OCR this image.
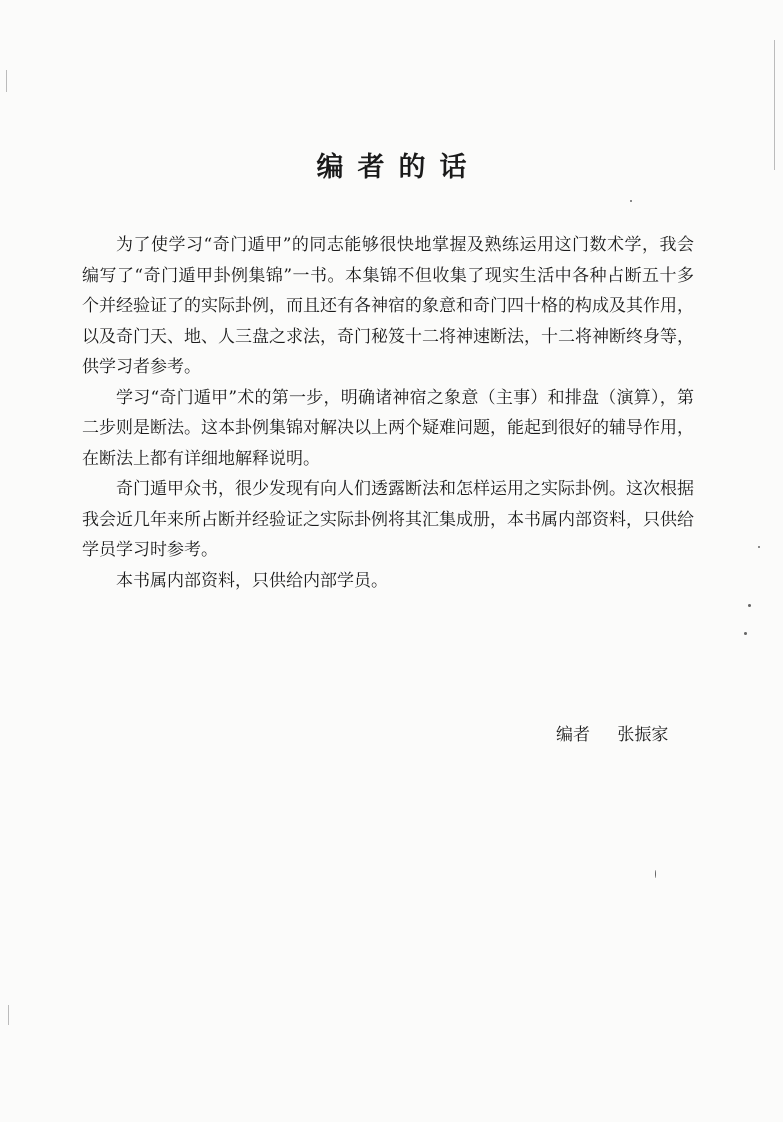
编者的话

为了使学习“奇门遁甲”的同志能够很快地掌握及熟练运用这门数术学，我会编写了“奇门遁甲卦例集锦”一书。本集锦不但收集了现实生活中各种占断五十多个并经验证了的实际卦例，而且还有各神宿的象意和奇门四十格的构成及其作用，以及奇门天、地、人三盘之求法，奇门秘笈十二将神速断法，十二将神断终身等，供学习者参考。

学习“奇门遁甲”术的第一步，明确诸神宿之象意（主事）和排盘（演算），第二步则是断法。这本卦例集锦对解决以上两个疑难问题，能起到很好的辅导作用，在断法上都有详细地解释说明。

奇门遁甲众书，很少发现有向人们透露断法和怎样运用之实际卦例。这次根据我会近几年来所占断并经验证之实际卦例将其汇集成册，本书属内部资料，只供给学员学习时参考。

本书属内部资料，只供给内部学员。

编者 张振家
